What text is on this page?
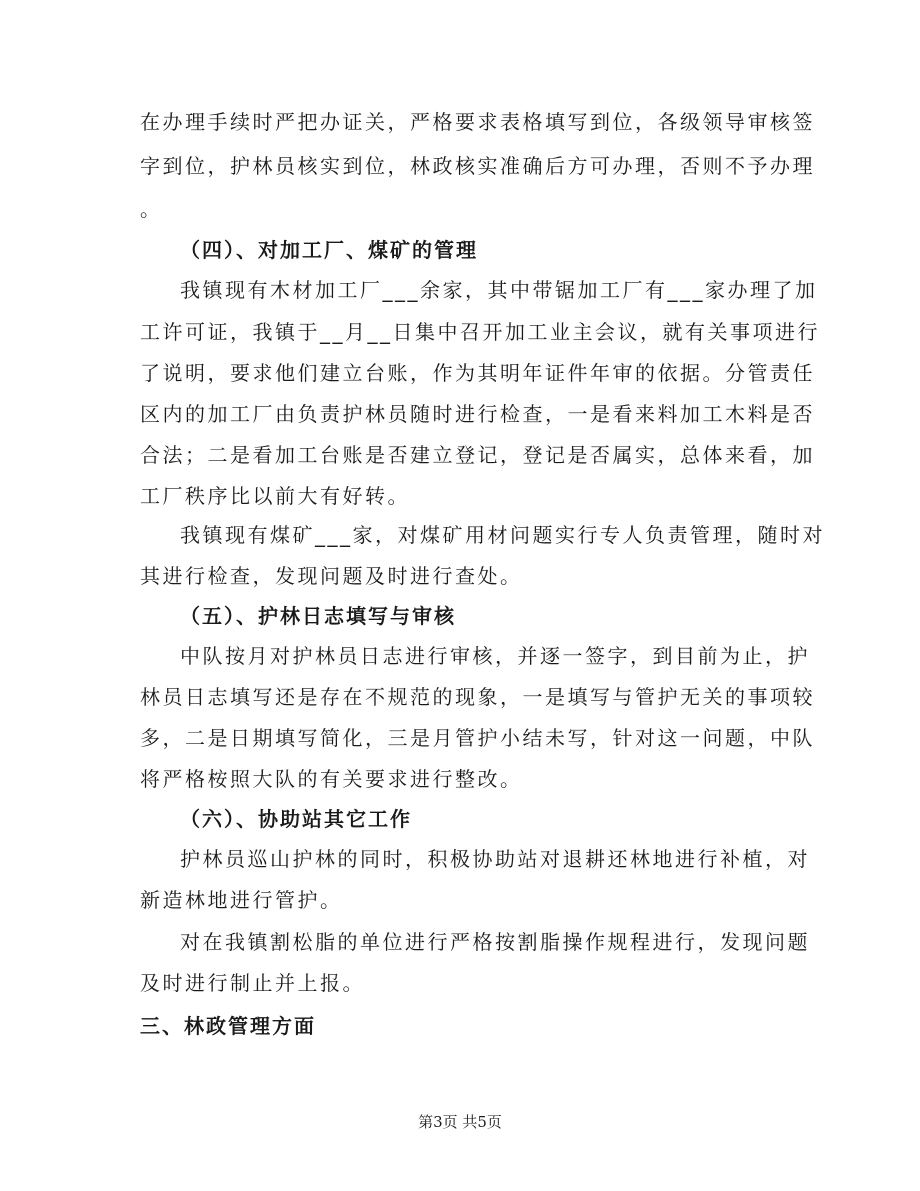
在办理手续时严把办证关，严格要求表格填写到位，各级领导审核签
字到位，护林员核实到位，林政核实准确后方可办理，否则不予办理
。
（四）、对加工厂、煤矿的管理
我镇现有木材加工厂___余家，其中带锯加工厂有___家办理了加
工许可证，我镇于__月__日集中召开加工业主会议，就有关事项进行
了说明，要求他们建立台账，作为其明年证件年审的依据。分管责任
区内的加工厂由负责护林员随时进行检查，一是看来料加工木料是否
合法；二是看加工台账是否建立登记，登记是否属实，总体来看，加
工厂秩序比以前大有好转。
我镇现有煤矿___家，对煤矿用材问题实行专人负责管理，随时对
其进行检查，发现问题及时进行查处。
（五）、护林日志填写与审核
中队按月对护林员日志进行审核，并逐一签字，到目前为止，护
林员日志填写还是存在不规范的现象，一是填写与管护无关的事项较
多，二是日期填写简化，三是月管护小结未写，针对这一问题，中队
将严格桉照大队的有关要求进行整改。
（六）、协助站其它工作
护林员巡山护林的同时，积极协助站对退耕还林地进行补植，对
新造林地进行管护。
对在我镇割松脂的单位进行严格按割脂操作规程进行，发现问题
及时进行制止并上报。
三、林政管理方面
第3页 共5页
